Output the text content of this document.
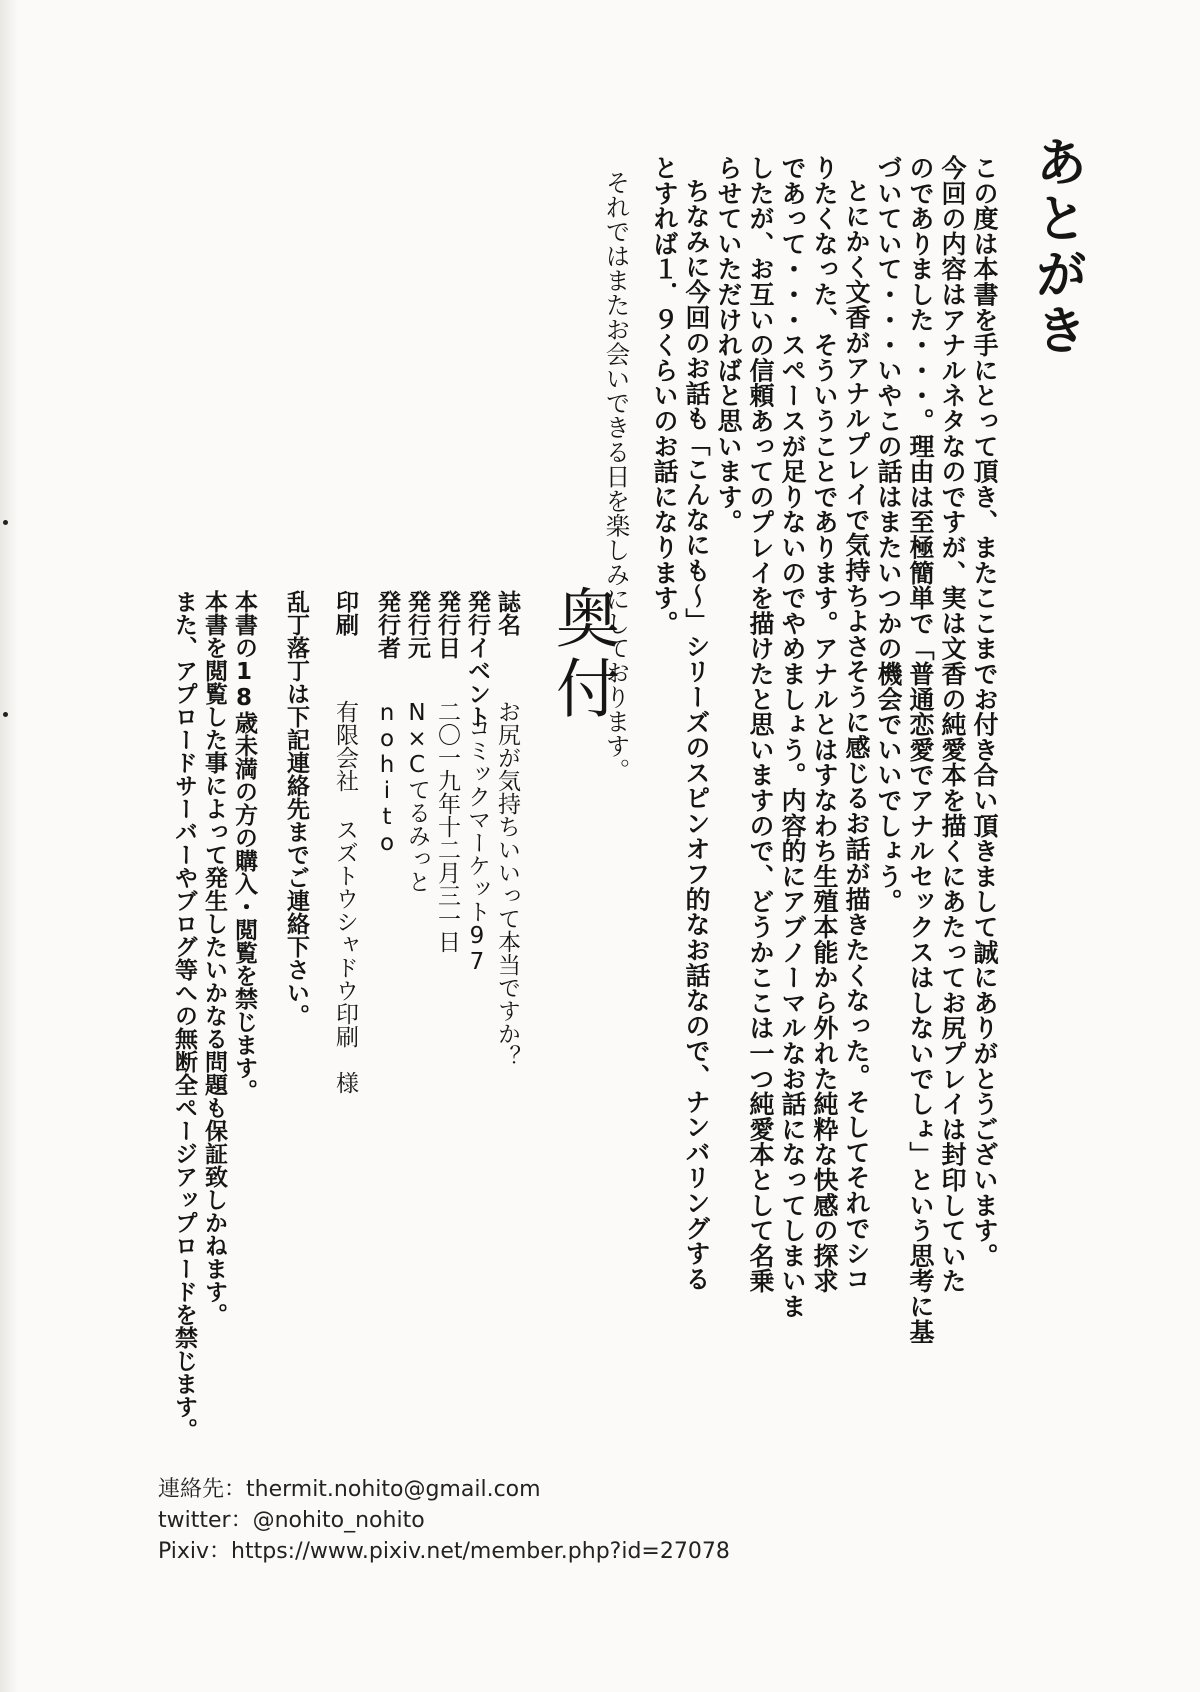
あとがき
この度は本書を手にとって頂き、またここまでお付き合い頂きまして誠にありがとうございます。
今回の内容はアナルネタなのですが、実は文香の純愛本を描くにあたってお尻プレイは封印していた
のでありました・・・。理由は至極簡単で「普通恋愛でアナルセックスはしないでしょ」という思考に基
づいていて・・・いやこの話はまたいつかの機会でいいでしょう。
とにかく文香がアナルプレイで気持ちよさそうに感じるお話が描きたくなった。そしてそれでシコ
りたくなった、そういうことであります。アナルとはすなわち生殖本能から外れた純粋な快感の探求
であって・・・スペースが足りないのでやめましょう。内容的にアブノーマルなお話になってしまいま
したが、お互いの信頼あってのプレイを描けたと思いますので、どうかここは一つ純愛本として名乗
らせていただければと思います。
ちなみに今回のお話も「こんなにも〜」シリーズのスピンオフ的なお話なので、ナンバリングする
とすれば１．９くらいのお話になります。
それではまたお会いできる日を楽しみにしております。
奥付
誌名
発行イベント
発行日
発行元
発行者
印刷
お尻が気持ちいいって本当ですか？
コミックマーケット97
二〇一九年十二月三一日
N×Cてるみっと
nohito
有限会社 スズトウシャドウ印刷　様
乱丁落丁は下記連絡先までご連絡下さい。
本書の18歳未満の方の購入・閲覧を禁じます。
本書を閲覧した事によって発生したいかなる問題も保証致しかねます。
また、アプロードサーバーやブログ等への無断全ページアップロードを禁じます。
連絡先：thermit.nohito@gmail.com
twitter：@nohito_nohito
Pixiv：https://www.pixiv.net/member.php?id=27078
